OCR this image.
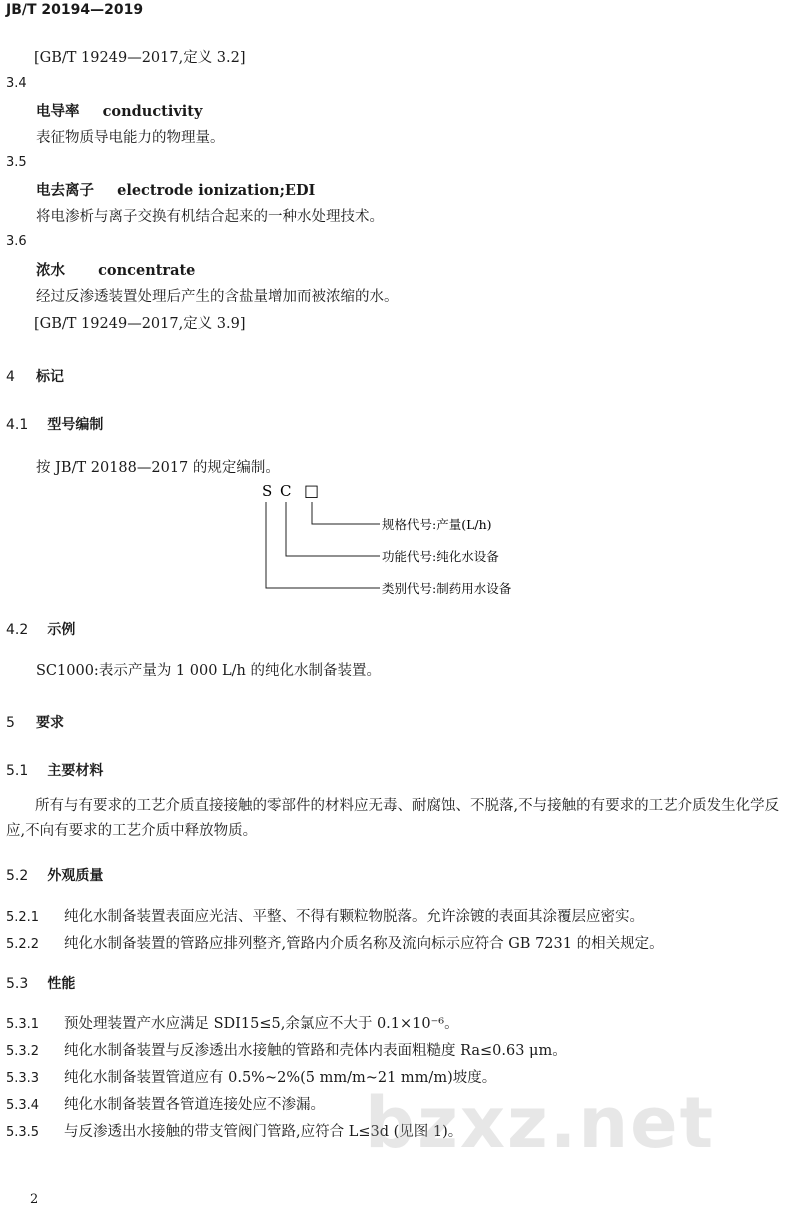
JB/T 20194—2019
[GB/T 19249—2017,定义 3.2]
3.4
电导率 conductivity
表征物质导电能力的物理量。
3.5
电去离子 electrode ionization;EDI
将电渗析与离子交换有机结合起来的一种水处理技术。
3.6
浓水 concentrate
经过反渗透装置处理后产生的含盐量增加而被浓缩的水。
[GB/T 19249—2017,定义 3.9]
4 标记
4.1 型号编制
按 JB/T 20188—2017 的规定编制。
S C □
规格代号:产量(L/h)
功能代号:纯化水设备
类别代号:制药用水设备
4.2 示例
SC1000:表示产量为 1 000 L/h 的纯化水制备装置。
5 要求
5.1 主要材料
所有与有要求的工艺介质直接接触的零部件的材料应无毒、耐腐蚀、不脱落,不与接触的有要求的工艺介质发生化学反应,不向有要求的工艺介质中释放物质。
5.2 外观质量
5.2.1 纯化水制备装置表面应光洁、平整、不得有颗粒物脱落。允许涂镀的表面其涂覆层应密实。
5.2.2 纯化水制备装置的管路应排列整齐,管路内介质名称及流向标示应符合 GB 7231 的相关规定。
5.3 性能
5.3.1 预处理装置产水应满足 SDI15≤5,余氯应不大于 0.1×10⁻⁶。
5.3.2 纯化水制备装置与反渗透出水接触的管路和壳体内表面粗糙度 Ra≤0.63 μm。
5.3.3 纯化水制备装置管道应有 0.5%~2%(5 mm/m~21 mm/m)坡度。
5.3.4 纯化水制备装置各管道连接处应不渗漏。
5.3.5 与反渗透出水接触的带支管阀门管路,应符合 L≤3d (见图 1)。
bzxz.net
2
